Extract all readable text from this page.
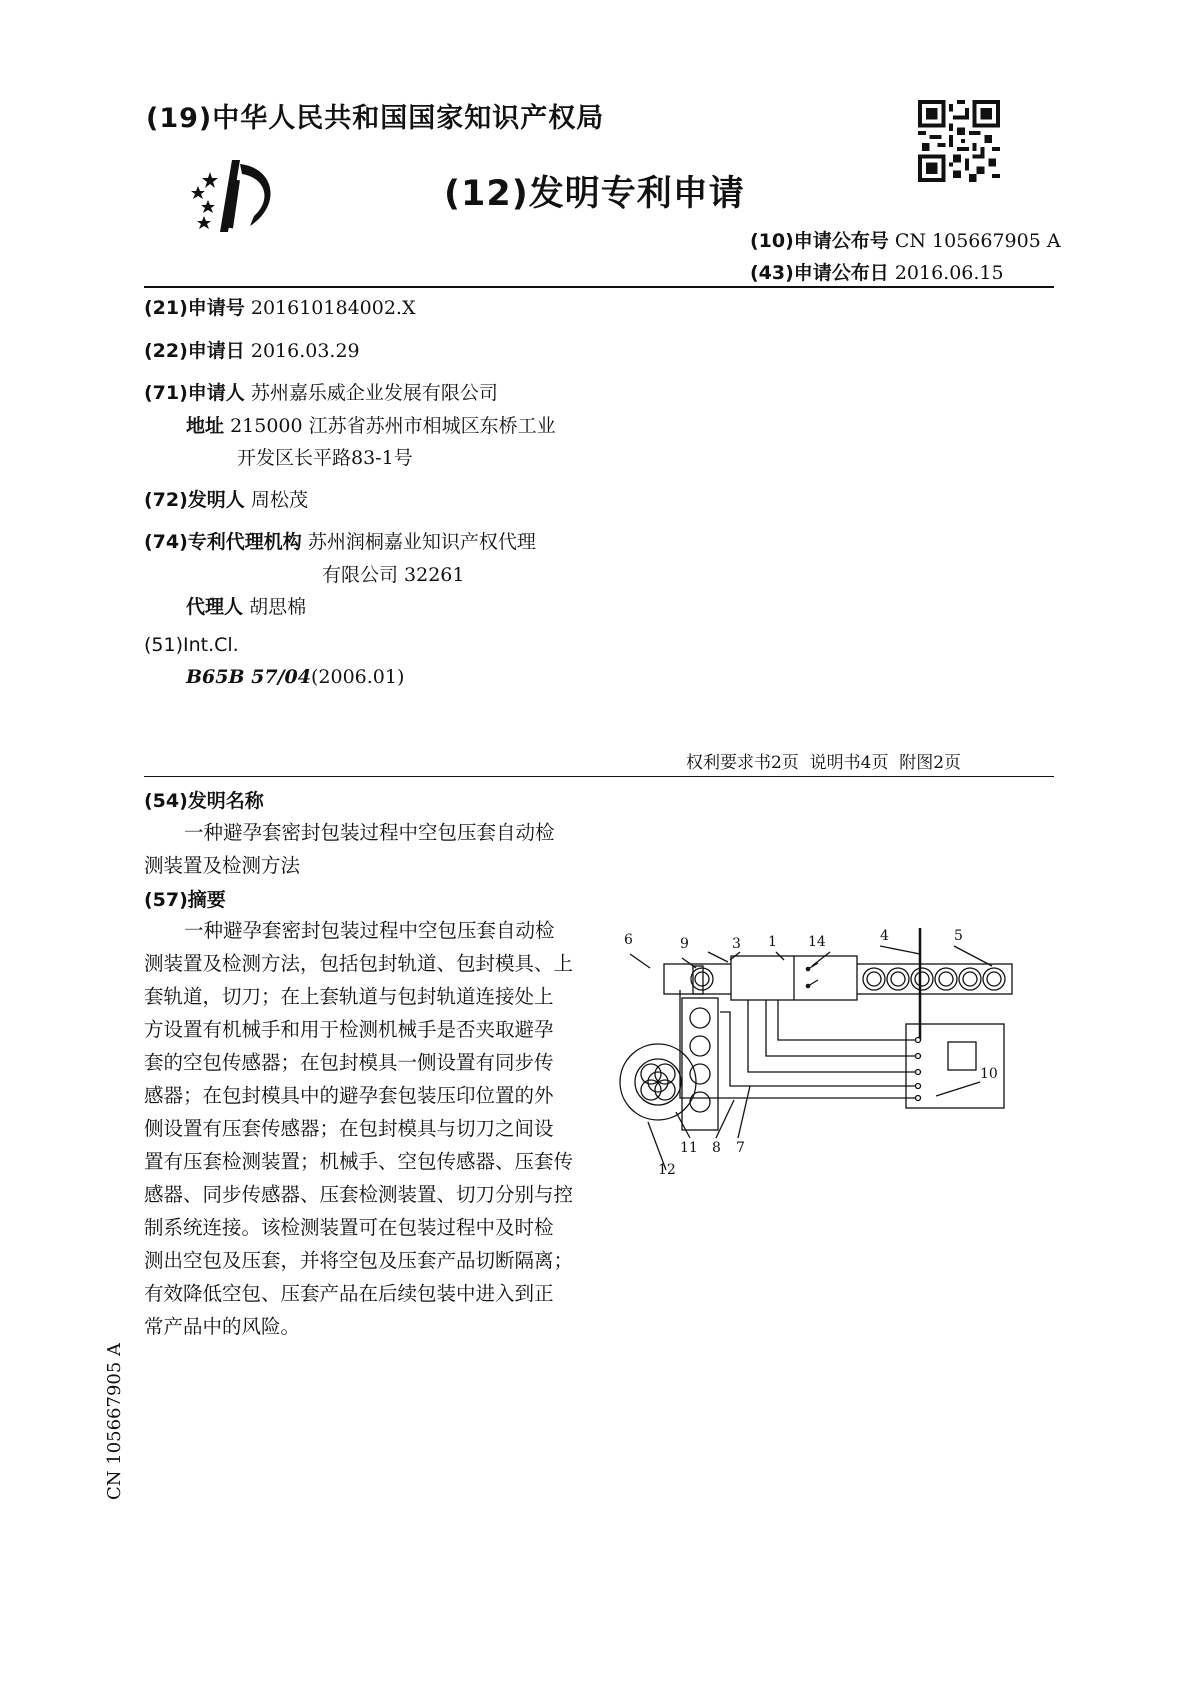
(19)中华人民共和国国家知识产权局
(12)发明专利申请
(10)申请公布号 CN 105667905 A
(43)申请公布日 2016.06.15
(21)申请号 201610184002.X
(22)申请日 2016.03.29
(71)申请人 苏州嘉乐威企业发展有限公司
地址 215000 江苏省苏州市相城区东桥工业
开发区长平路83-1号
(72)发明人 周松茂
(74)专利代理机构 苏州润桐嘉业知识产权代理
有限公司 32261
代理人 胡思棉
(51)Int.Cl.
B65B 57/04(2006.01)
权利要求书2页  说明书4页  附图2页
(54)发明名称
一种避孕套密封包装过程中空包压套自动检
测装置及检测方法
(57)摘要
一种避孕套密封包装过程中空包压套自动检
测装置及检测方法，包括包封轨道、包封模具、上
套轨道，切刀；在上套轨道与包封轨道连接处上
方设置有机械手和用于检测机械手是否夹取避孕
套的空包传感器；在包封模具一侧设置有同步传
感器；在包封模具中的避孕套包装压印位置的外
侧设置有压套传感器；在包封模具与切刀之间设
置有压套检测装置；机械手、空包传感器、压套传
感器、同步传感器、压套检测装置、切刀分别与控
制系统连接。该检测装置可在包装过程中及时检
测出空包及压套，并将空包及压套产品切断隔离；
有效降低空包、压套产品在后续包装中进入到正
常产品中的风险。
6	9	3 1 14	4	5
10
11 8 7
12
CN 105667905 A
